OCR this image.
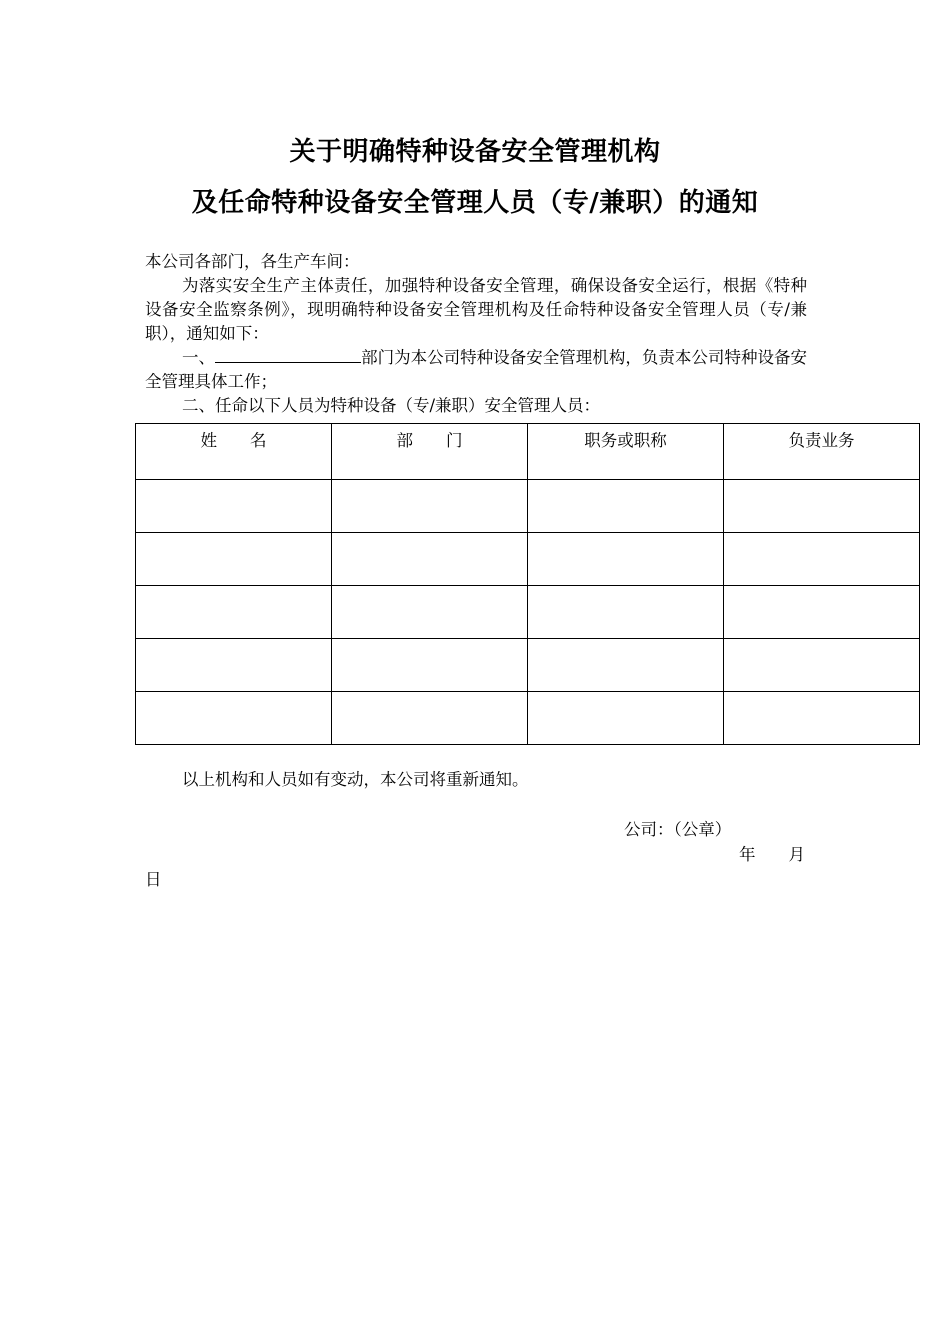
关于明确特种设备安全管理机构
及任命特种设备安全管理人员（专/兼职）的通知
本公司各部门，各生产车间：

为落实安全生产主体责任，加强特种设备安全管理，确保设备安全运行，根据《特种设备安全监察条例》，现明确特种设备安全管理机构及任命特种设备安全管理人员（专/兼职），通知如下：

一、	部门为本公司特种设备安全管理机构，负责本公司特种设备安全管理具体工作；

二、任命以下人员为特种设备（专/兼职）安全管理人员：

姓　　名	部　　门	职务或职称	负责业务

以上机构和人员如有变动，本公司将重新通知。
公司：（公章）
年　　月
日
